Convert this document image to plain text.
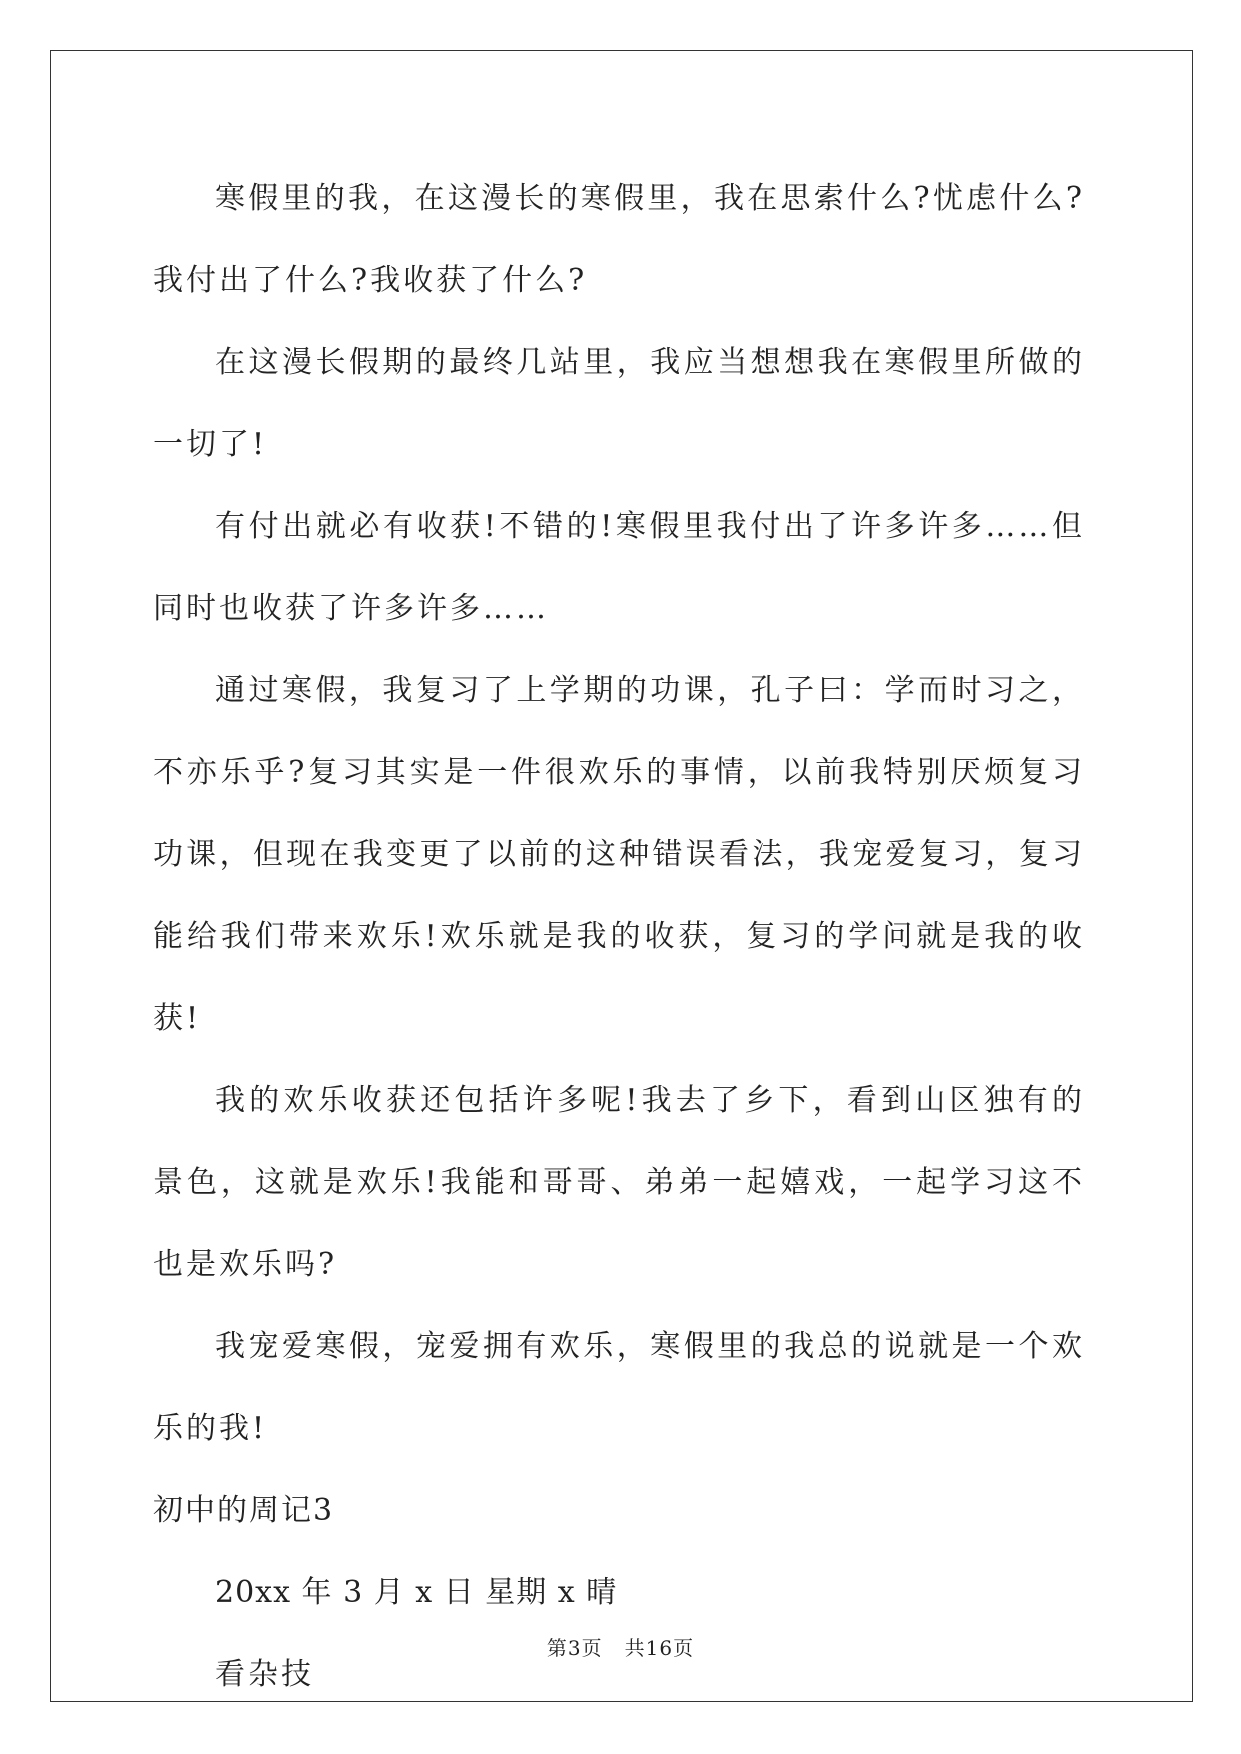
寒假里的我，在这漫长的寒假里，我在思索什么?忧虑什么?我付出了什么?我收获了什么?

在这漫长假期的最终几站里，我应当想想我在寒假里所做的一切了!

有付出就必有收获!不错的!寒假里我付出了许多许多……但同时也收获了许多许多……

通过寒假，我复习了上学期的功课，孔子曰：学而时习之，不亦乐乎?复习其实是一件很欢乐的事情，以前我特别厌烦复习功课，但现在我变更了以前的这种错误看法，我宠爱复习，复习能给我们带来欢乐!欢乐就是我的收获，复习的学问就是我的收获!

我的欢乐收获还包括许多呢!我去了乡下，看到山区独有的景色，这就是欢乐!我能和哥哥、弟弟一起嬉戏，一起学习这不也是欢乐吗?

我宠爱寒假，宠爱拥有欢乐，寒假里的我总的说就是一个欢乐的我!

初中的周记3

20xx 年 3 月 x 日 星期 x 晴

看杂技

第3页 共16页
